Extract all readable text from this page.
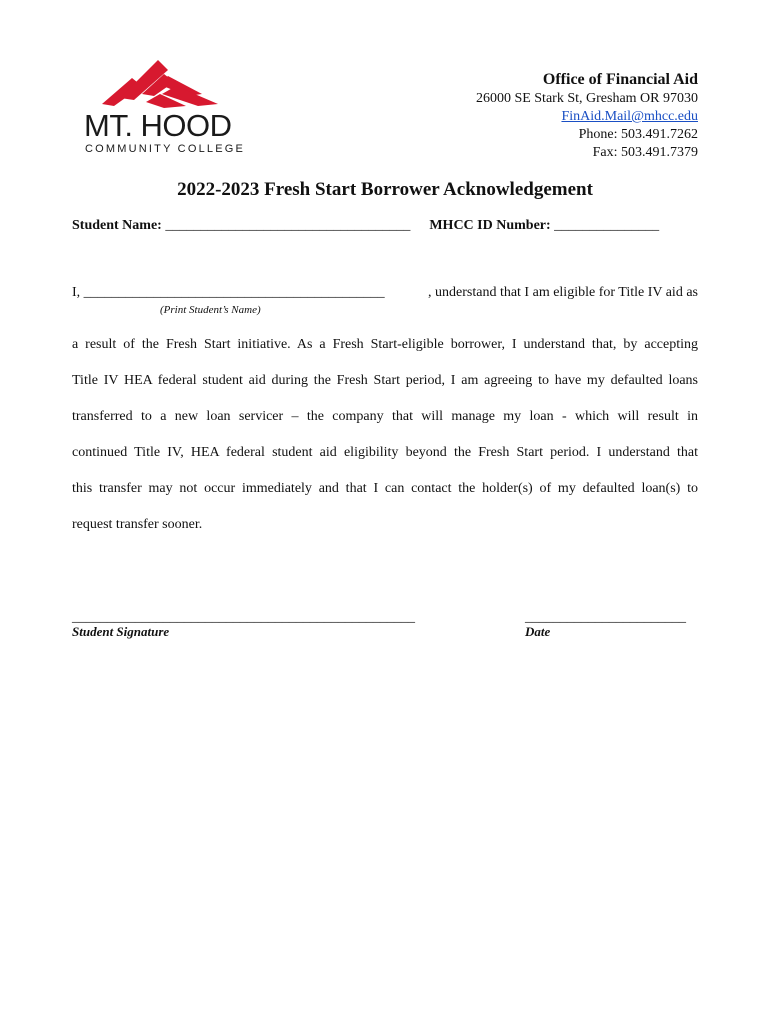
MT. HOOD
COMMUNITY COLLEGE
Office of Financial Aid
26000 SE Stark St, Gresham OR 97030
FinAid.Mail@mhcc.edu
Phone: 503.491.7262
Fax: 503.491.7379
2022-2023 Fresh Start Borrower Acknowledgement
Student Name: ___________________________________ MHCC ID Number: _______________
I, ___________________________________________	, understand that I am eligible for Title IV aid as
(Print Student’s Name)
a result of the Fresh Start initiative. As a Fresh Start-eligible borrower, I understand that, by accepting
Title IV HEA federal student aid during the Fresh Start period, I am agreeing to have my defaulted loans
transferred to a new loan servicer – the company that will manage my loan - which will result in
continued Title IV, HEA federal student aid eligibility beyond the Fresh Start period. I understand that
this transfer may not occur immediately and that I can contact the holder(s) of my defaulted loan(s) to
request transfer sooner.
_________________________________________________
Student Signature
_______________________
Date
